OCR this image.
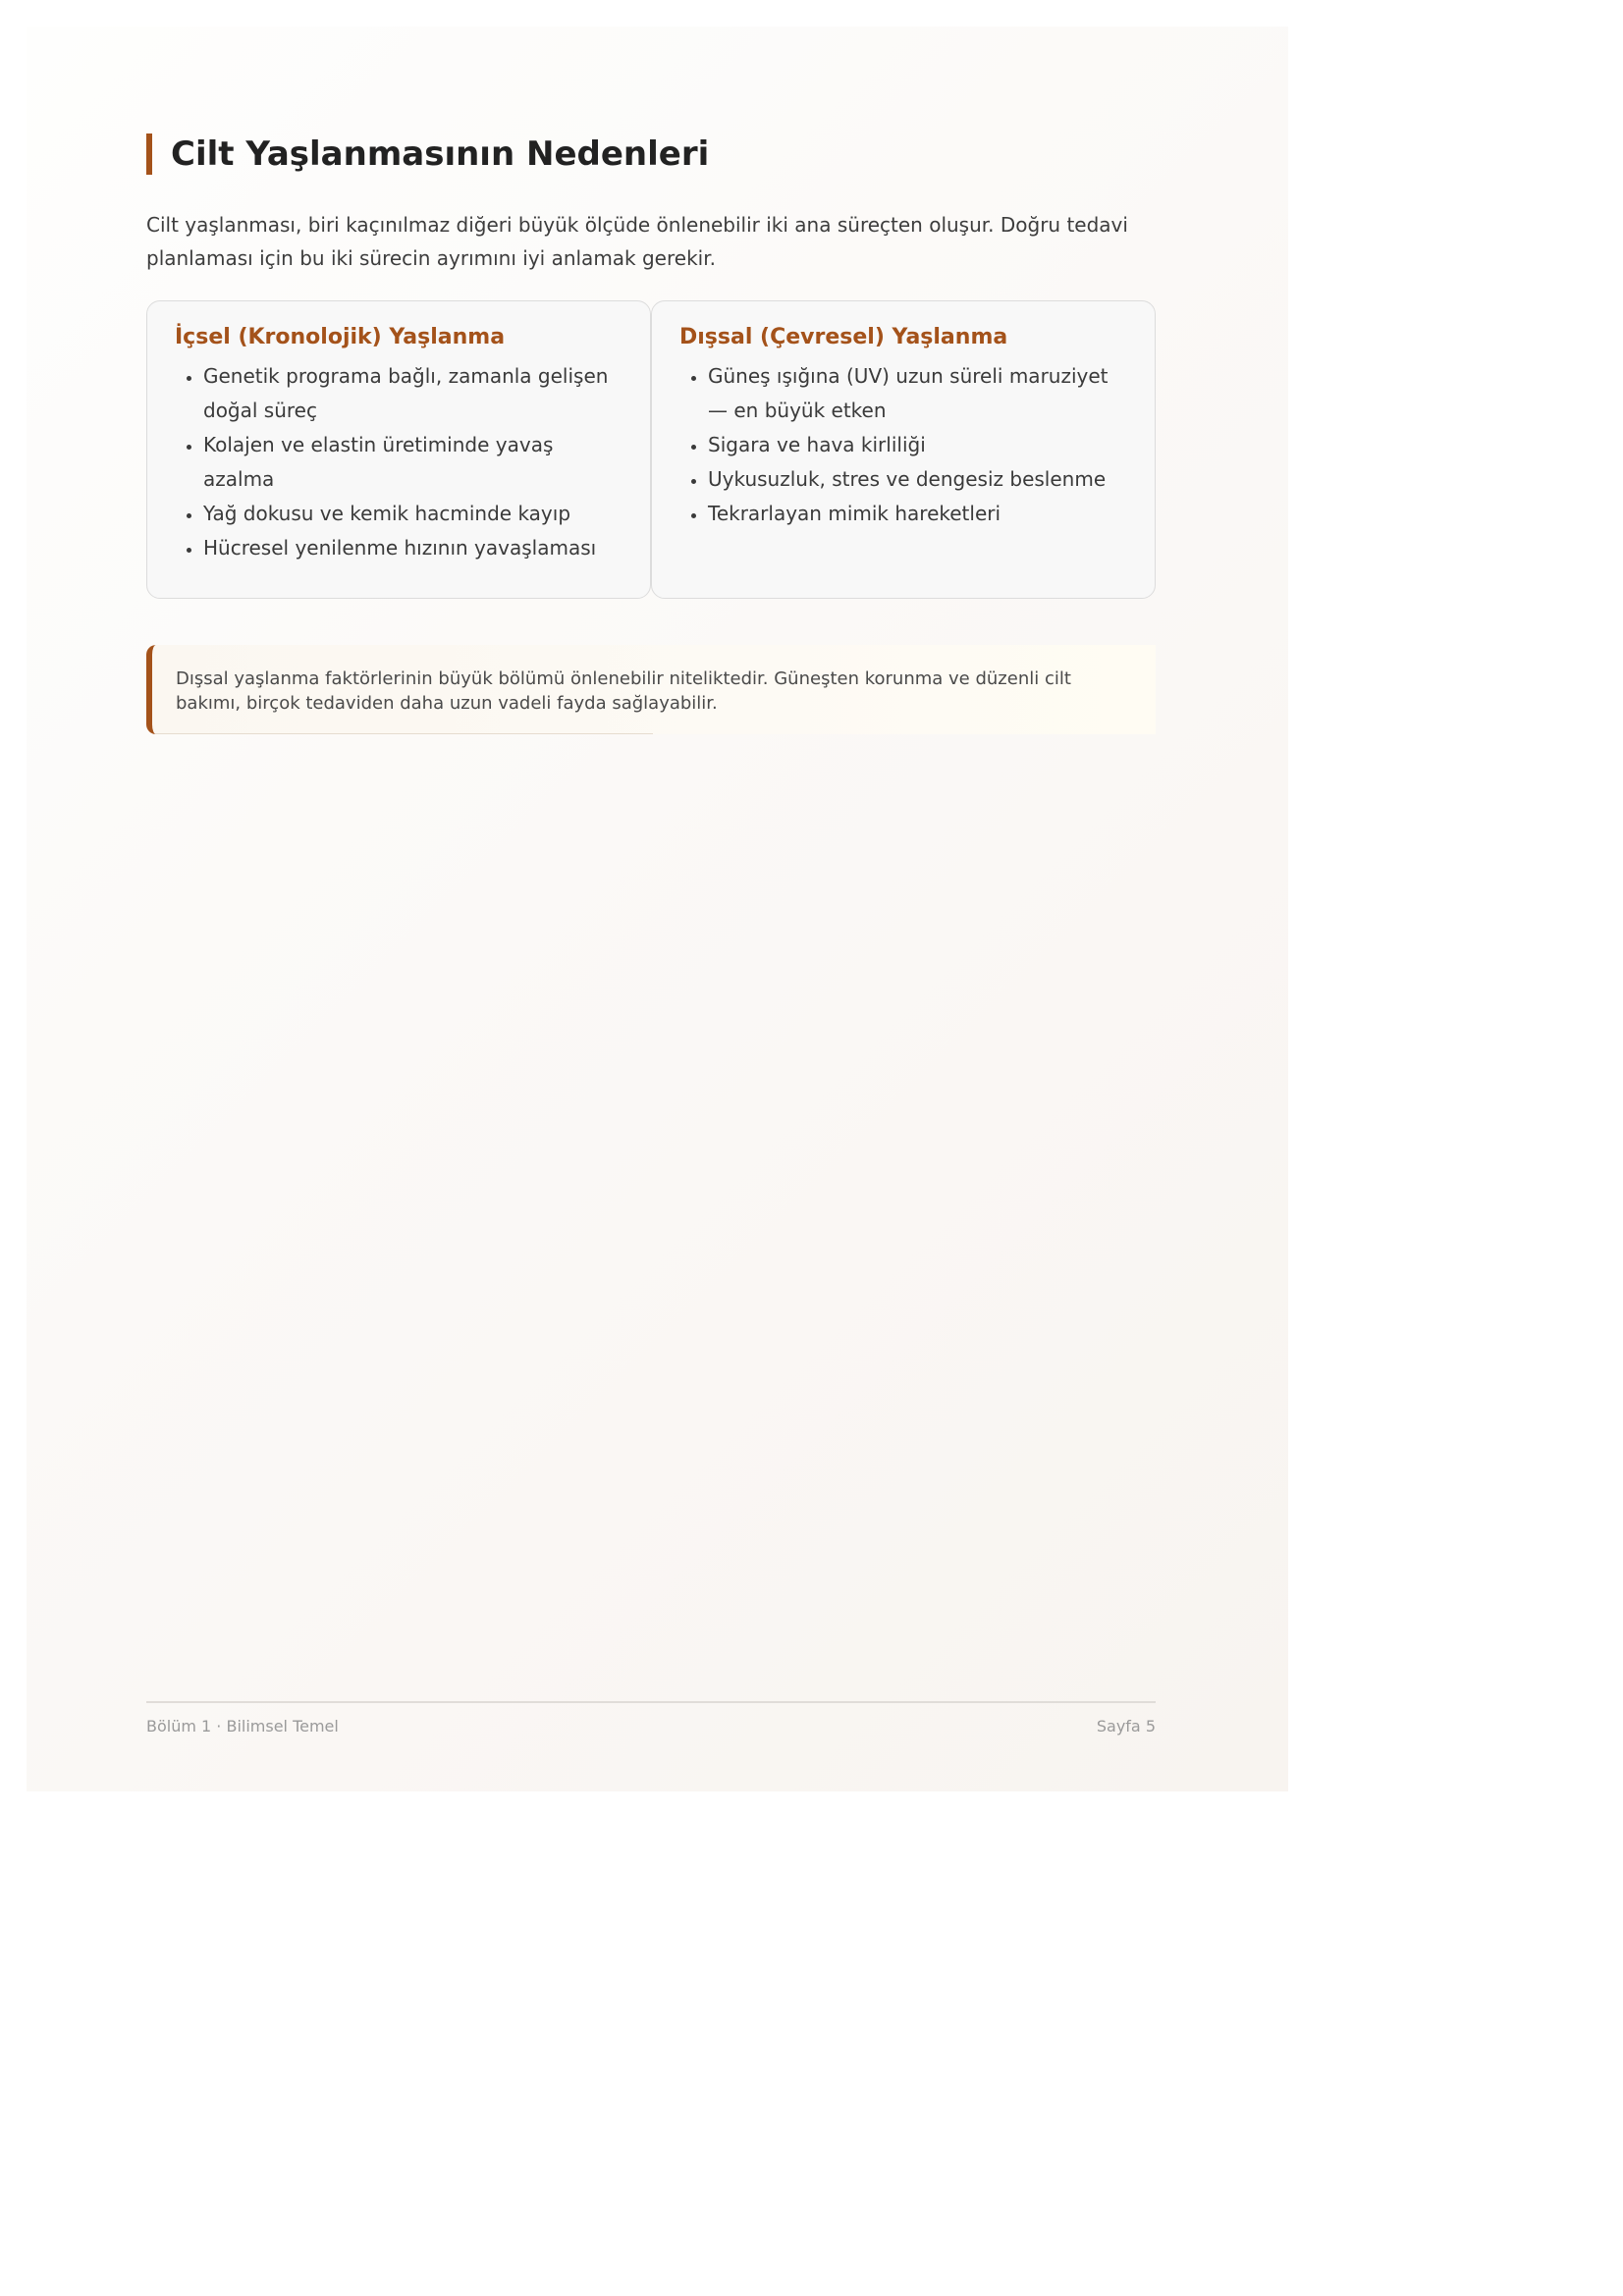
Cilt Yaşlanmasının Nedenleri
Cilt yaşlanması, biri kaçınılmaz diğeri büyük ölçüde önlenebilir iki ana süreçten oluşur. Doğru tedavi planlaması için bu iki sürecin ayrımını iyi anlamak gerekir.
İçsel (Kronolojik) Yaşlanma
• Genetik programa bağlı, zamanla gelişen doğal süreç
• Kolajen ve elastin üretiminde yavaş azalma
• Yağ dokusu ve kemik hacminde kayıp
• Hücresel yenilenme hızının yavaşlaması
Dışsal (Çevresel) Yaşlanma
• Güneş ışığına (UV) uzun süreli maruziyet — en büyük etken
• Sigara ve hava kirliliği
• Uykusuzluk, stres ve dengesiz beslenme
• Tekrarlayan mimik hareketleri
Dışsal yaşlanma faktörlerinin büyük bölümü önlenebilir niteliktedir. Güneşten korunma ve düzenli cilt bakımı, birçok tedaviden daha uzun vadeli fayda sağlayabilir.
Bölüm 1 · Bilimsel Temel	Sayfa 5
